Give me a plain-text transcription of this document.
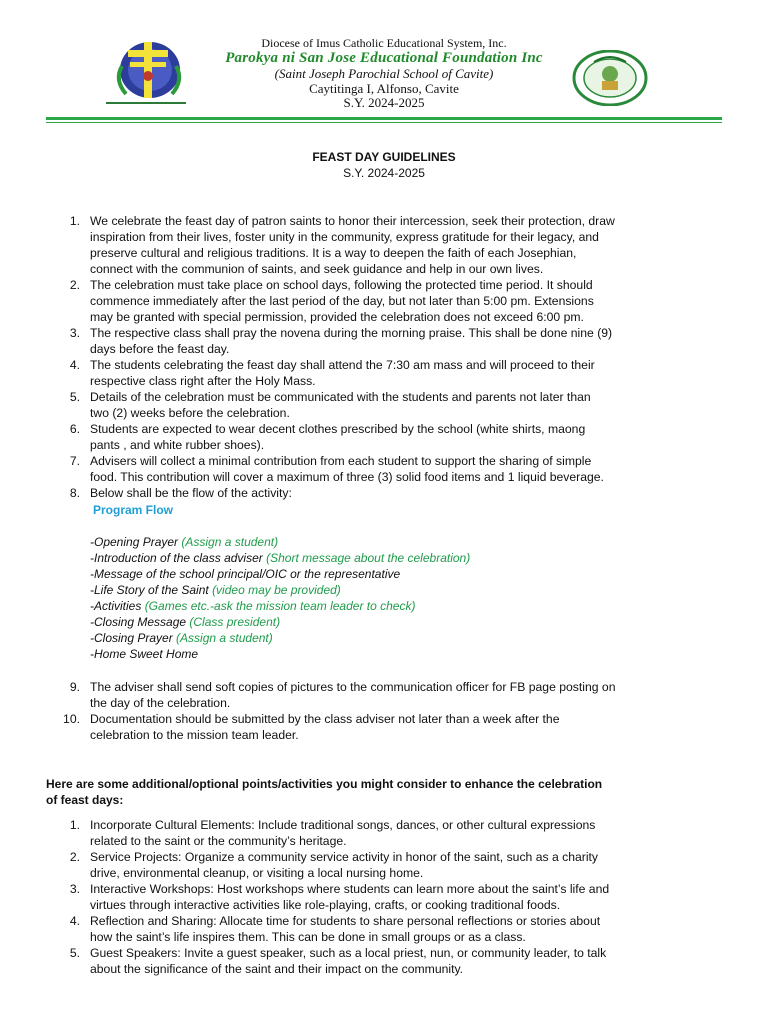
Diocese of Imus Catholic Educational System, Inc.
Parokya ni San Jose Educational Foundation Inc
(Saint Joseph Parochial School of Cavite)
Caytitinga I, Alfonso, Cavite
S.Y. 2024-2025
FEAST DAY GUIDELINES
S.Y. 2024-2025
1. We celebrate the feast day of patron saints to honor their intercession, seek their protection, draw
inspiration from their lives, foster unity in the community, express gratitude for their legacy, and
preserve cultural and religious traditions. It is a way to deepen the faith of each Josephian,
connect with the communion of saints, and seek guidance and help in our own lives.
2. The celebration must take place on school days, following the protected time period. It should
commence immediately after the last period of the day, but not later than 5:00 pm. Extensions
may be granted with special permission, provided the celebration does not exceed 6:00 pm.
3. The respective class shall pray the novena during the morning praise. This shall be done nine (9)
days before the feast day.
4. The students celebrating the feast day shall attend the 7:30 am mass and will proceed to their
respective class right after the Holy Mass.
5. Details of the celebration must be communicated with the students and parents not later than
two (2) weeks before the celebration.
6. Students are expected to wear decent clothes prescribed by the school (white shirts, maong
pants , and white rubber shoes).
7. Advisers will collect a minimal contribution from each student to support the sharing of simple
food. This contribution will cover a maximum of three (3) solid food items and 1 liquid beverage.
8. Below shall be the flow of the activity:
Program Flow
-Opening Prayer (Assign a student)
-Introduction of the class adviser (Short message about the celebration)
-Message of the school principal/OIC or the representative
-Life Story of the Saint (video may be provided)
-Activities (Games etc.-ask the mission team leader to check)
-Closing Message (Class president)
-Closing Prayer (Assign a student)
-Home Sweet Home
9. The adviser shall send soft copies of pictures to the communication officer for FB page posting on
the day of the celebration.
10. Documentation should be submitted by the class adviser not later than a week after the
celebration to the mission team leader.
Here are some additional/optional points/activities you might consider to enhance the celebration
of feast days:
1. Incorporate Cultural Elements: Include traditional songs, dances, or other cultural expressions
related to the saint or the community’s heritage.
2. Service Projects: Organize a community service activity in honor of the saint, such as a charity
drive, environmental cleanup, or visiting a local nursing home.
3. Interactive Workshops: Host workshops where students can learn more about the saint’s life and
virtues through interactive activities like role-playing, crafts, or cooking traditional foods.
4. Reflection and Sharing: Allocate time for students to share personal reflections or stories about
how the saint’s life inspires them. This can be done in small groups or as a class.
5. Guest Speakers: Invite a guest speaker, such as a local priest, nun, or community leader, to talk
about the significance of the saint and their impact on the community.
